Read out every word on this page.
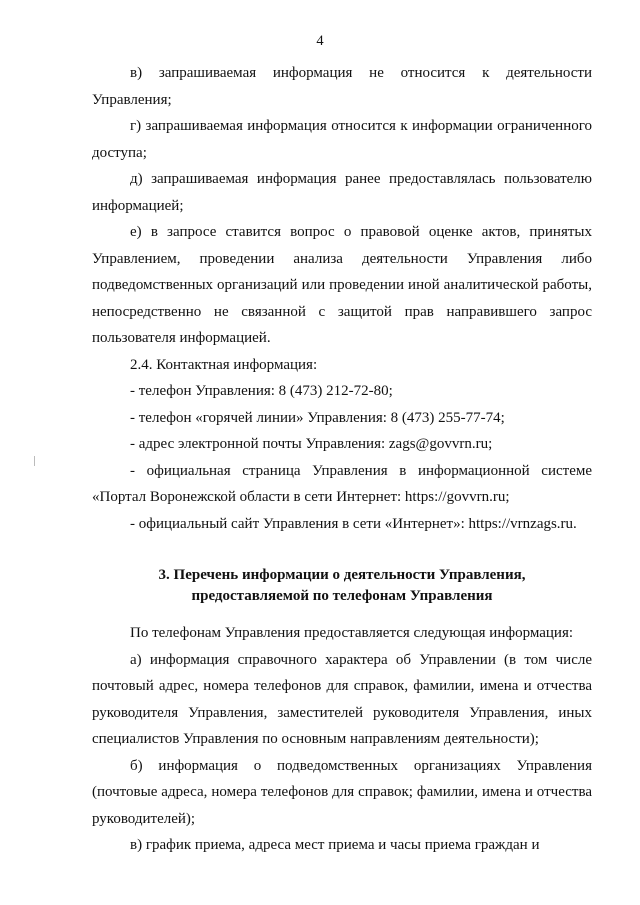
4

в) запрашиваемая информация не относится к деятельности Управления;

г) запрашиваемая информация относится к информации ограниченного доступа;

д) запрашиваемая информация ранее предоставлялась пользователю информацией;

е) в запросе ставится вопрос о правовой оценке актов, принятых Управлением, проведении анализа деятельности Управления либо подведомственных организаций или проведении иной аналитической работы, непосредственно не связанной с защитой прав направившего запрос пользователя информацией.

2.4. Контактная информация:

- телефон Управления: 8 (473) 212-72-80;

- телефон «горячей линии» Управления: 8 (473) 255-77-74;

- адрес электронной почты Управления: zags@govvrn.ru;

- официальная страница Управления в информационной системе «Портал Воронежской области в сети Интернет: https://govvrn.ru;

- официальный сайт Управления в сети «Интернет»: https://vrnzags.ru.

3. Перечень информации о деятельности Управления,
предоставляемой по телефонам Управления

По телефонам Управления предоставляется следующая информация:

а) информация справочного характера об Управлении (в том числе почтовый адрес, номера телефонов для справок, фамилии, имена и отчества руководителя Управления, заместителей руководителя Управления, иных специалистов Управления по основным направлениям деятельности);

б) информация о подведомственных организациях Управления (почтовые адреса, номера телефонов для справок; фамилии, имена и отчества руководителей);

в) график приема, адреса мест приема и часы приема граждан и
